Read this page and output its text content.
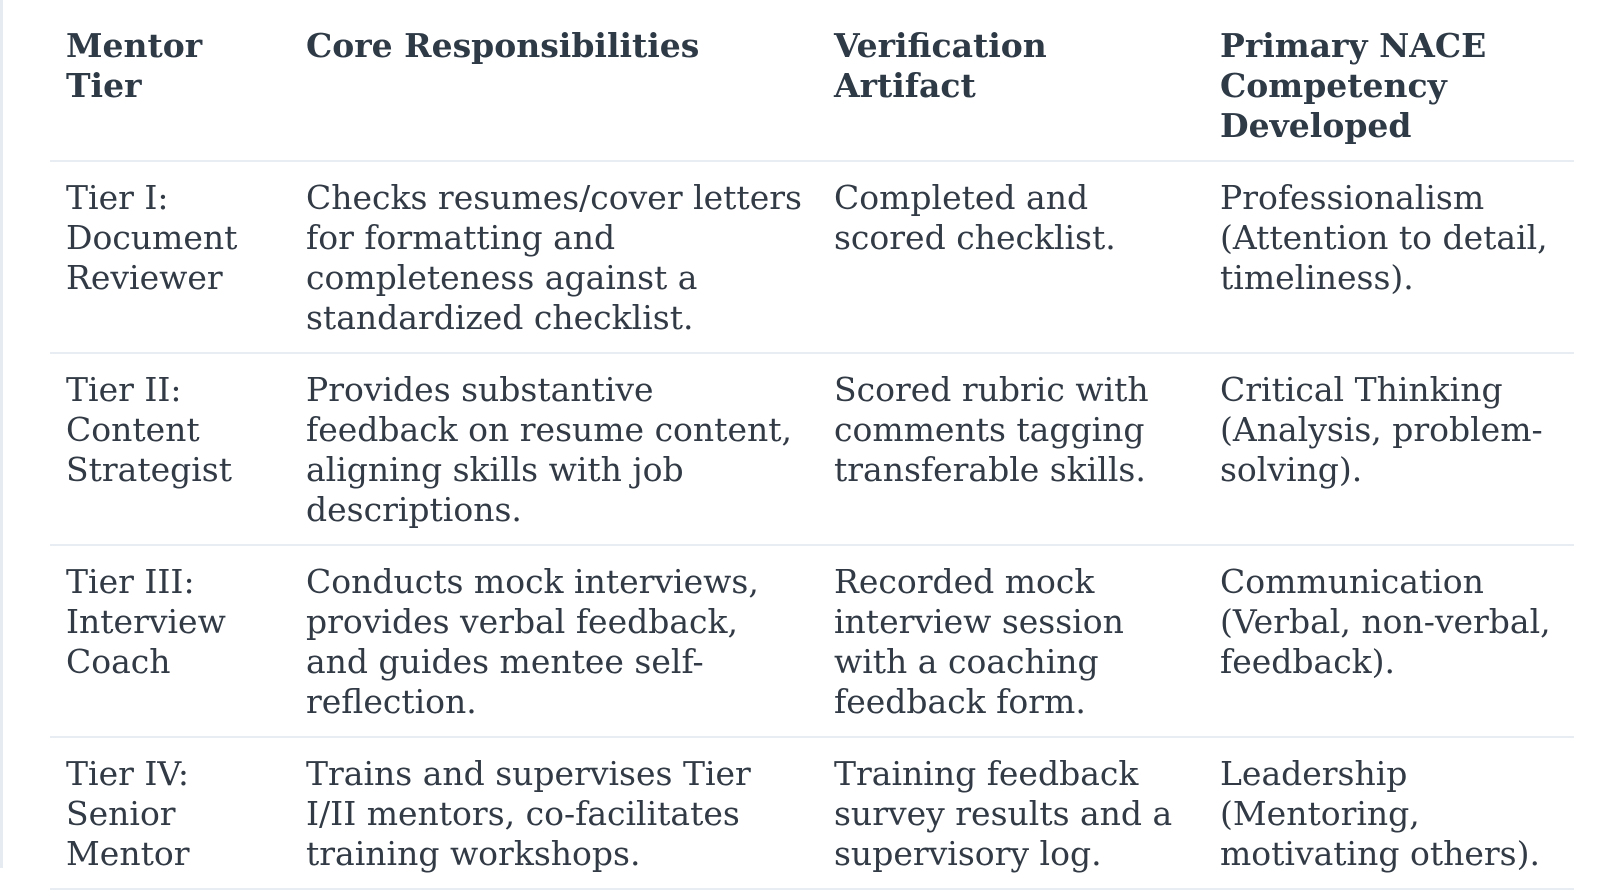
Mentor Tier	Core Responsibilities	Verification Artifact	Primary NACE Competency Developed
Tier I: Document Reviewer	Checks resumes/cover letters for formatting and completeness against a standardized checklist.	Completed and scored checklist.	Professionalism (Attention to detail, timeliness).
Tier II: Content Strategist	Provides substantive feedback on resume content, aligning skills with job descriptions.	Scored rubric with comments tagging transferable skills.	Critical Thinking (Analysis, problem-solving).
Tier III: Interview Coach	Conducts mock interviews, provides verbal feedback, and guides mentee self-reflection.	Recorded mock interview session with a coaching feedback form.	Communication (Verbal, non-verbal, feedback).
Tier IV: Senior Mentor	Trains and supervises Tier I/II mentors, co-facilitates training workshops.	Training feedback survey results and a supervisory log.	Leadership (Mentoring, motivating others).
